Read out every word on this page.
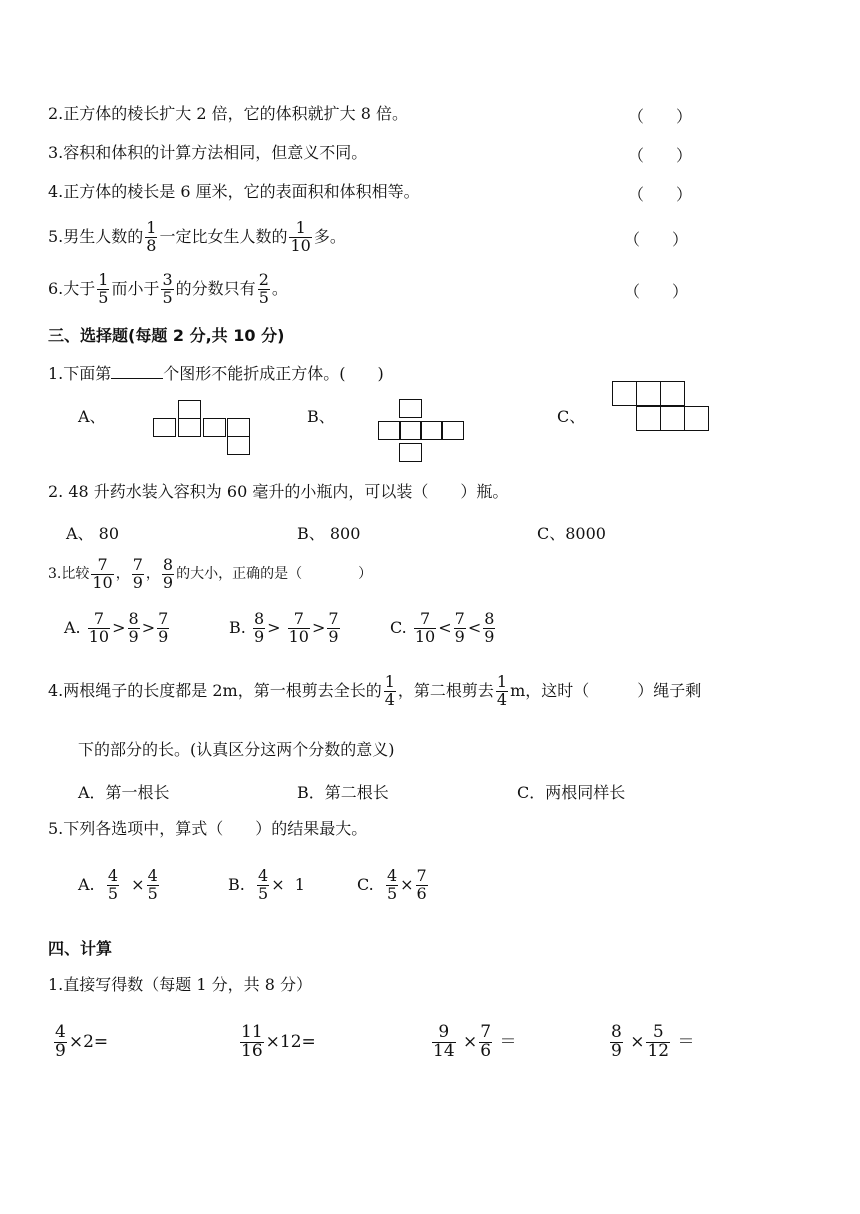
2.正方体的棱长扩大 2 倍，它的体积就扩大 8 倍。	（　　）
3.容积和体积的计算方法相同，但意义不同。	（　　）
4.正方体的棱长是 6 厘米，它的表面积和体积相等。	（　　）
5.男生人数的 $\frac{1}{8}$ 一定比女生人数的 $\frac{1}{10}$ 多。	（　　）
6.大于 $\frac{1}{5}$ 而小于 $\frac{3}{5}$ 的分数只有 $\frac{2}{5}$ 。	（　　）
三、选择题(每题 2 分,共 10 分)
1.下面第	个图形不能折成正方体。(　　)
A、	B、	C、
2. 48 升药水装入容积为 60 毫升的小瓶内，可以装（　　）瓶。
A、 80	B、 800	C、8000
3.比较 $\frac{7}{10}$ ， $\frac{7}{9}$ ， $\frac{8}{9}$ 的大小，正确的是（　　　　）
A. $\frac{7}{10} > \frac{8}{9} > \frac{7}{9}$	B. $\frac{8}{9} > \frac{7}{10} > \frac{7}{9}$	C. $\frac{7}{10} < \frac{7}{9} < \frac{8}{9}$
4.两根绳子的长度都是 2m，第一根剪去全长的 $\frac{1}{4}$ ，第二根剪去 $\frac{1}{4}$ m，这时（　　　）绳子剩
下的部分的长。(认真区分这两个分数的意义)
A．第一根长	B．第二根长	C．两根同样长
5.下列各选项中，算式（　　）的结果最大。
A. $\frac{4}{5} \times \frac{4}{5}$	B. $\frac{4}{5} \times 1$	C. $\frac{4}{5} \times \frac{7}{6}$
四、计算
1.直接写得数（每题 1 分，共 8 分）
$\frac{4}{9} \times 2=$	$\frac{11}{16} \times 12=$	$\frac{9}{14} \times \frac{7}{6}$ ＝	$\frac{8}{9} \times \frac{5}{12}$ ＝
